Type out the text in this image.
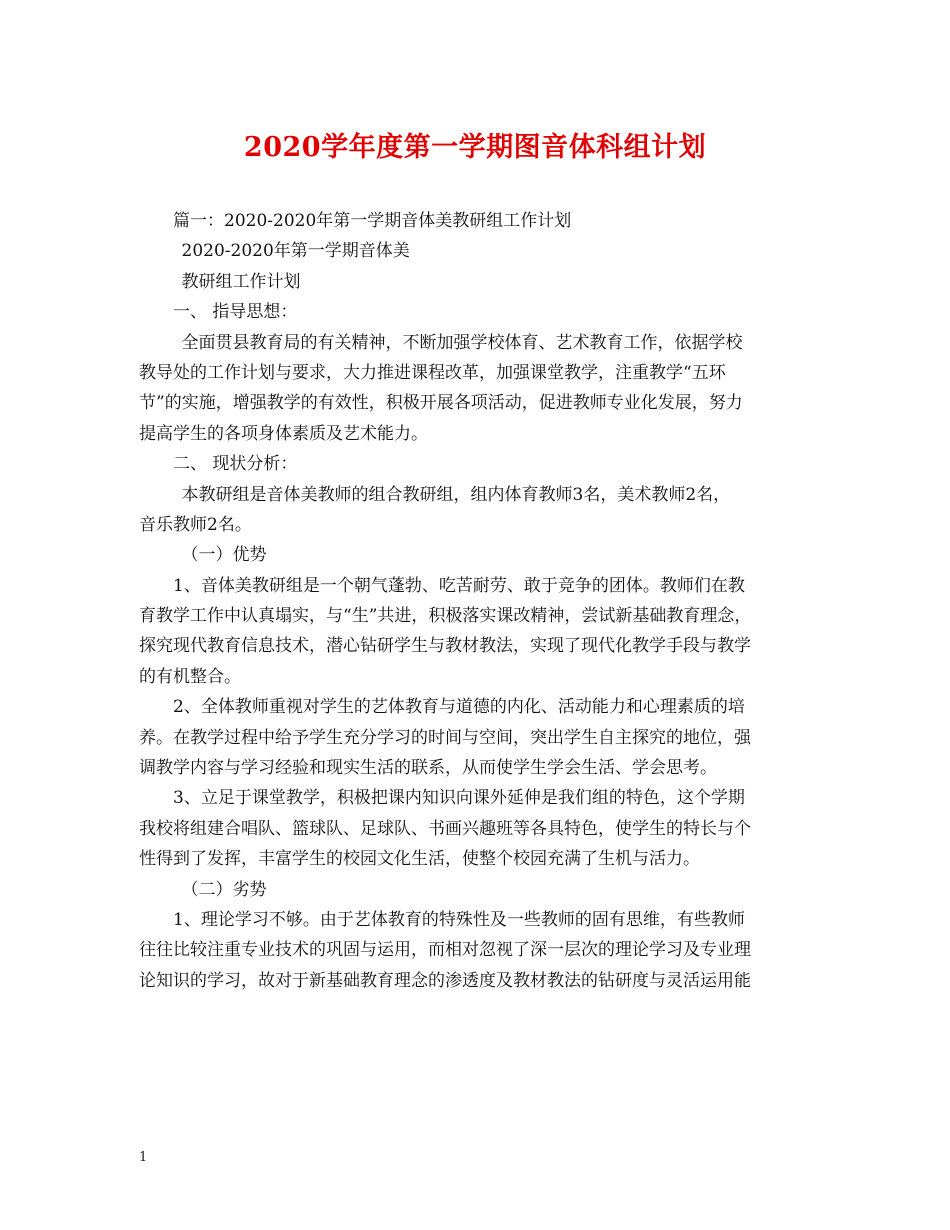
2020学年度第一学期图音体科组计划
篇一：2020-2020年第一学期音体美教研组工作计划
2020-2020年第一学期音体美
教研组工作计划
一、 指导思想：
全面贯县教育局的有关精神，不断加强学校体育、艺术教育工作，依据学校
教导处的工作计划与要求，大力推进课程改革，加强课堂教学，注重教学“五环
节”的实施，增强教学的有效性，积极开展各项活动，促进教师专业化发展，努力
提高学生的各项身体素质及艺术能力。
二、 现状分析：
本教研组是音体美教师的组合教研组，组内体育教师3名，美术教师2名，
音乐教师2名。
（一）优势
1、音体美教研组是一个朝气蓬勃、吃苦耐劳、敢于竞争的团体。教师们在教
育教学工作中认真塌实，与“生”共进，积极落实课改精神，尝试新基础教育理念，
探究现代教育信息技术，潜心钻研学生与教材教法，实现了现代化教学手段与教学
的有机整合。
2、全体教师重视对学生的艺体教育与道德的内化、活动能力和心理素质的培
养。在教学过程中给予学生充分学习的时间与空间，突出学生自主探究的地位，强
调教学内容与学习经验和现实生活的联系，从而使学生学会生活、学会思考。
3、立足于课堂教学，积极把课内知识向课外延伸是我们组的特色，这个学期
我校将组建合唱队、篮球队、足球队、书画兴趣班等各具特色，使学生的特长与个
性得到了发挥，丰富学生的校园文化生活，使整个校园充满了生机与活力。
（二）劣势
1、理论学习不够。由于艺体教育的特殊性及一些教师的固有思维，有些教师
往往比较注重专业技术的巩固与运用，而相对忽视了深一层次的理论学习及专业理
论知识的学习，故对于新基础教育理念的渗透度及教材教法的钻研度与灵活运用能
1
